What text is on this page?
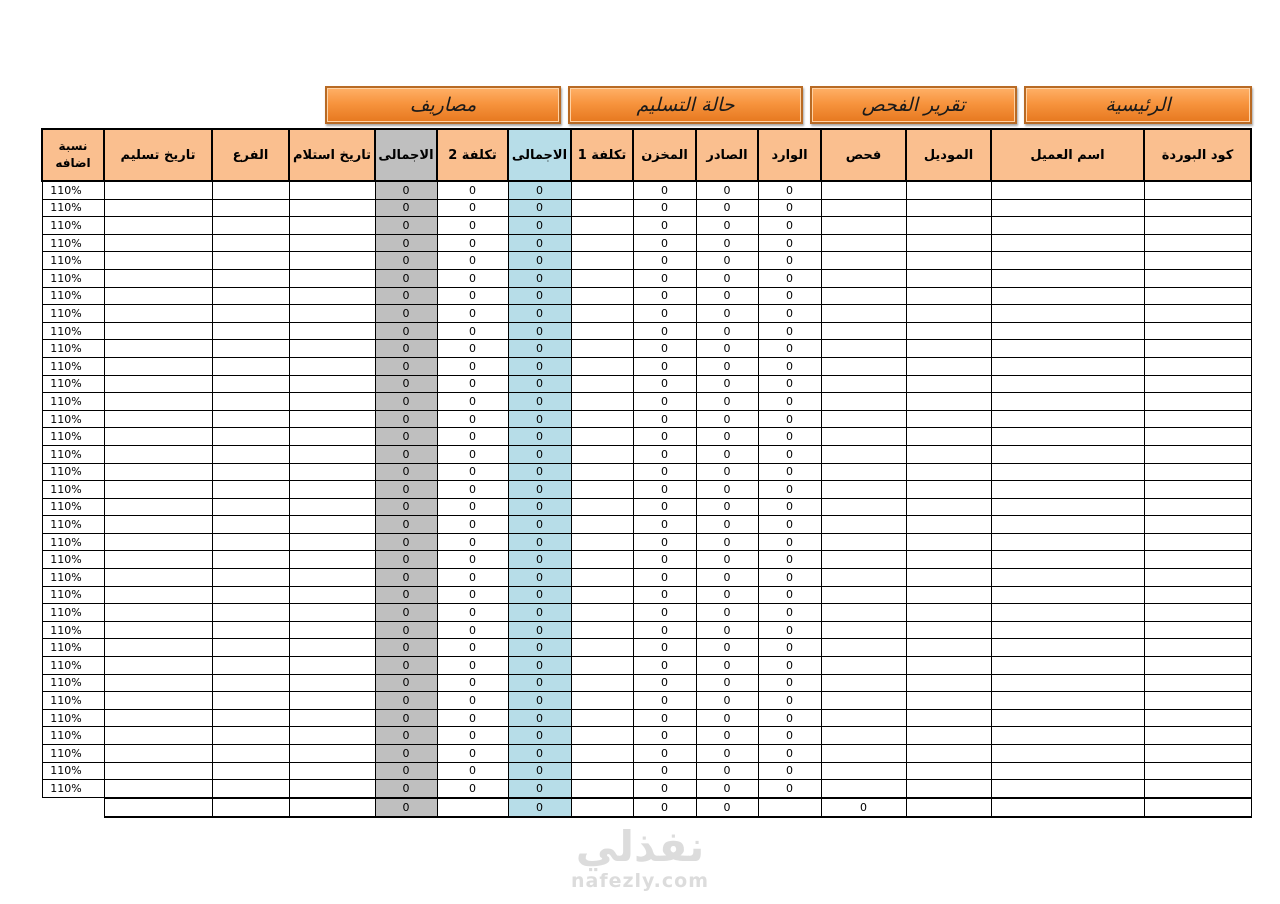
الرئيسية
تقرير الفحص
حالة التسليم
مصاريف
نسبة اضافه	تاريخ تسليم	الفرع	تاريخ استلام	الاجمالى	تكلفة 2	الاجمالى	تكلفة 1	المخزن	الصادر	الوارد	فحص	الموديل	اسم العميل	كود البوردة
110%				0	0	0		0	0	0				
110%				0	0	0		0	0	0				
110%				0	0	0		0	0	0				
110%				0	0	0		0	0	0				
110%				0	0	0		0	0	0				
110%				0	0	0		0	0	0				
110%				0	0	0		0	0	0				
110%				0	0	0		0	0	0				
110%				0	0	0		0	0	0				
110%				0	0	0		0	0	0				
110%				0	0	0		0	0	0				
110%				0	0	0		0	0	0				
110%				0	0	0		0	0	0				
110%				0	0	0		0	0	0				
110%				0	0	0		0	0	0				
110%				0	0	0		0	0	0				
110%				0	0	0		0	0	0				
110%				0	0	0		0	0	0				
110%				0	0	0		0	0	0				
110%				0	0	0		0	0	0				
110%				0	0	0		0	0	0				
110%				0	0	0		0	0	0				
110%				0	0	0		0	0	0				
110%				0	0	0		0	0	0				
110%				0	0	0		0	0	0				
110%				0	0	0		0	0	0				
110%				0	0	0		0	0	0				
110%				0	0	0		0	0	0				
110%				0	0	0		0	0	0				
110%				0	0	0		0	0	0				
110%				0	0	0		0	0	0				
110%				0	0	0		0	0	0				
110%				0	0	0		0	0	0				
110%				0	0	0		0	0	0				
110%				0	0	0		0	0	0				
				0		0		0	0		0			
نفذلي
nafezly.com
